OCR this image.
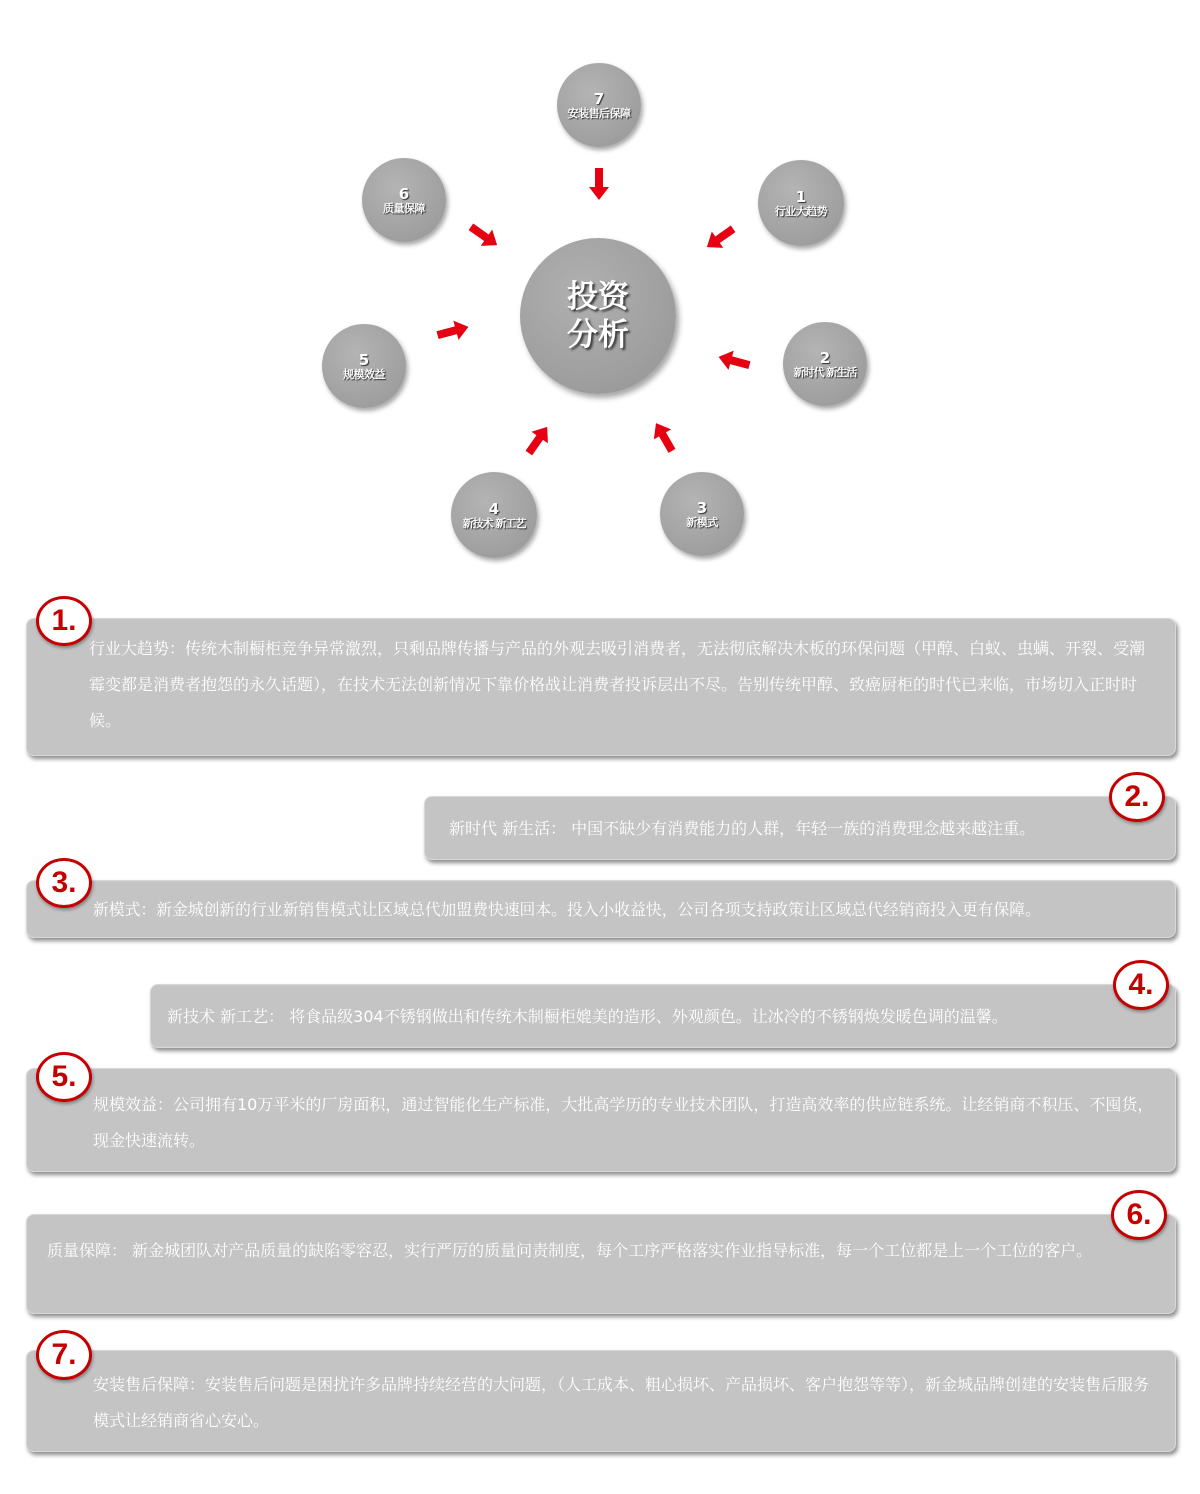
投资
分析
1
行业大趋势
2
新时代 新生活
3
新模式
4
新技术 新工艺
5
规模效益
6
质量保障
7
安装售后保障

行业大趋势：传统木制橱柜竞争异常激烈，只剩品牌传播与产品的外观去吸引消费者，无法彻底解决木板的环保问题（甲醇、白蚁、虫螨、开裂、受潮霉变都是消费者抱怨的永久话题），在技术无法创新情况下靠价格战让消费者投诉层出不尽。告别传统甲醇、致癌厨柜的时代已来临，市场切入正时时候。

1.

新时代 新生活： 中国不缺少有消费能力的人群，年轻一族的消费理念越来越注重。

2.

新模式：新金城创新的行业新销售模式让区域总代加盟费快速回本。投入小收益快，公司各项支持政策让区域总代经销商投入更有保障。

3.

新技术 新工艺： 将食品级304不锈钢做出和传统木制橱柜媲美的造形、外观颜色。让冰冷的不锈钢焕发暖色调的温馨。

4.

规模效益：公司拥有10万平米的厂房面积，通过智能化生产标准，大批高学历的专业技术团队，打造高效率的供应链系统。让经销商不积压、不囤货，现金快速流转。

5.

质量保障： 新金城团队对产品质量的缺陷零容忍，实行严厉的质量问责制度，每个工序严格落实作业指导标准，每一个工位都是上一个工位的客户。

6.

安装售后保障：安装售后问题是困扰许多品牌持续经营的大问题，（人工成本、粗心损坏、产品损坏、客户抱怨等等），新金城品牌创建的安装售后服务模式让经销商省心安心。

7.
